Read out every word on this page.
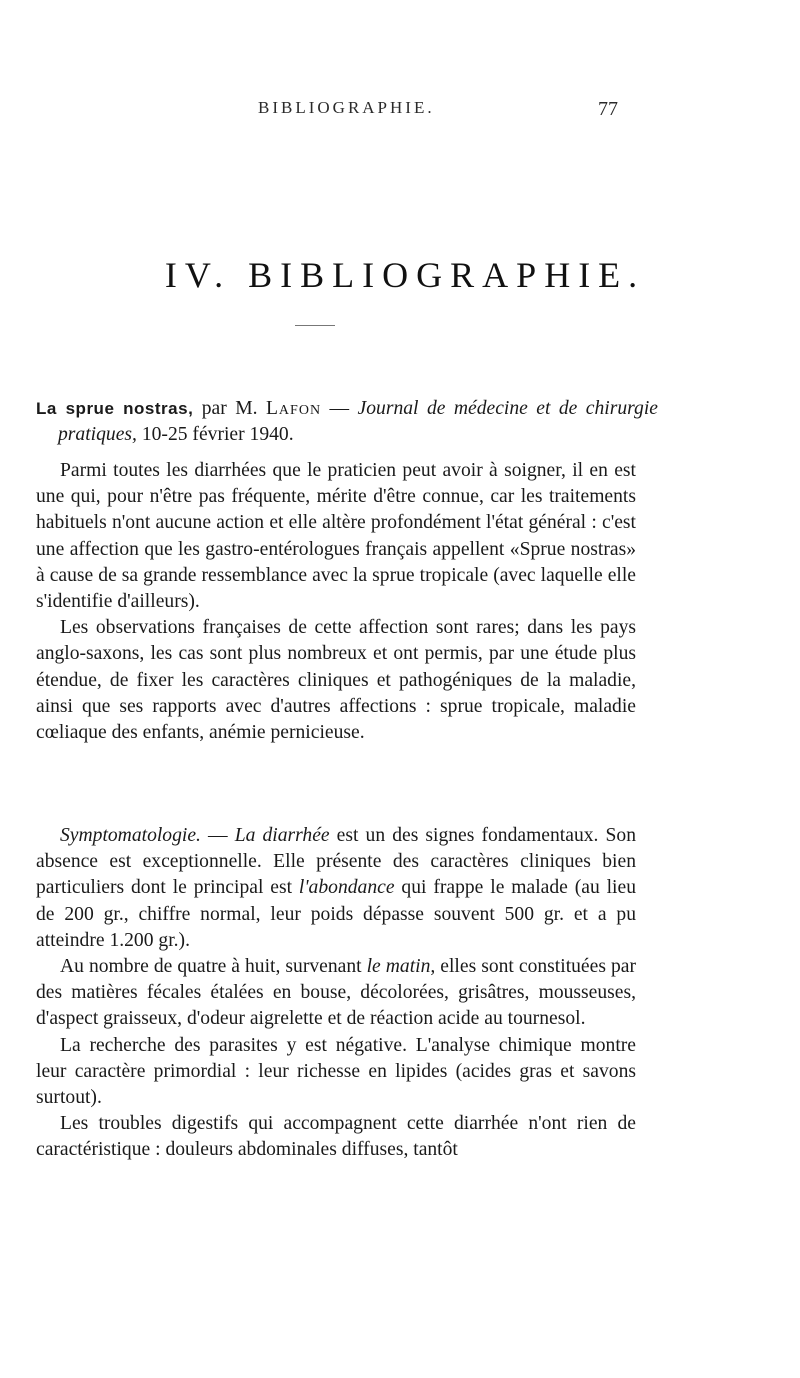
BIBLIOGRAPHIE.	77
IV. BIBLIOGRAPHIE.
La sprue nostras, par M. Lafon — Journal de médecine et de chirurgie pratiques, 10-25 février 1940.

Parmi toutes les diarrhées que le praticien peut avoir à soigner, il en est une qui, pour n'être pas fréquente, mérite d'être connue, car les traitements habituels n'ont aucune action et elle altère profondément l'état général : c'est une affection que les gastro-entérologues français appellent «Sprue nostras» à cause de sa grande ressemblance avec la sprue tropicale (avec laquelle elle s'identifie d'ailleurs).

Les observations françaises de cette affection sont rares; dans les pays anglo-saxons, les cas sont plus nombreux et ont permis, par une étude plus étendue, de fixer les caractères cliniques et pathogéniques de la maladie, ainsi que ses rapports avec d'autres affections : sprue tropicale, maladie cœliaque des enfants, anémie pernicieuse.

Symptomatologie. — La diarrhée est un des signes fondamentaux. Son absence est exceptionnelle. Elle présente des caractères cliniques bien particuliers dont le principal est l'abondance qui frappe le malade (au lieu de 200 gr., chiffre normal, leur poids dépasse souvent 500 gr. et a pu atteindre 1.200 gr.).

Au nombre de quatre à huit, survenant le matin, elles sont constituées par des matières fécales étalées en bouse, décolorées, grisâtres, mousseuses, d'aspect graisseux, d'odeur aigrelette et de réaction acide au tournesol.

La recherche des parasites y est négative. L'analyse chimique montre leur caractère primordial : leur richesse en lipides (acides gras et savons surtout).

Les troubles digestifs qui accompagnent cette diarrhée n'ont rien de caractéristique : douleurs abdominales diffuses, tantôt
